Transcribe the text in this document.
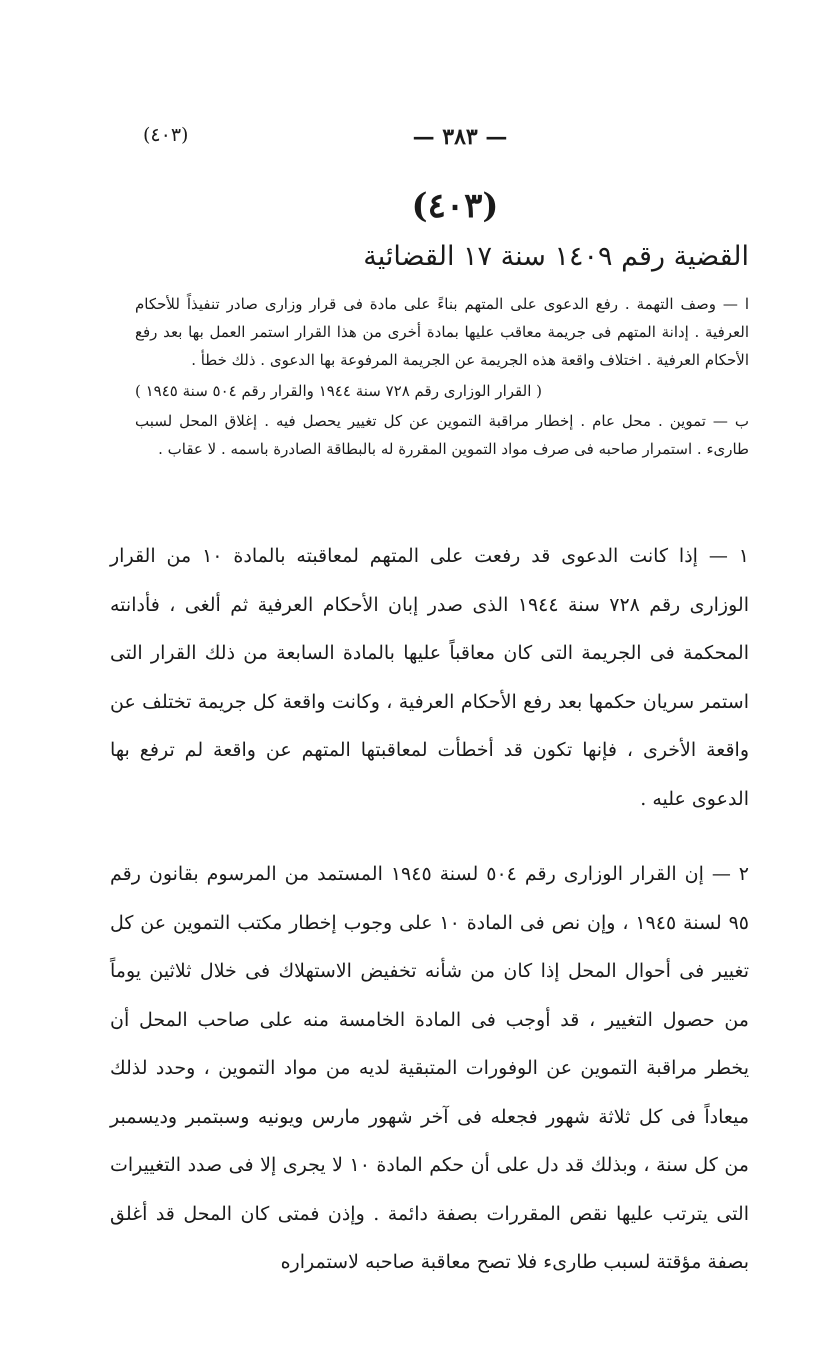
(٤٠٣)	— ٣٨٣ —
(٤٠٣)
القضية رقم ١٤٠٩ سنة ١٧ القضائية

ا — وصف التهمة . رفع الدعوى على المتهم بناءً على مادة فى قرار وزارى صادر تنفيذاً للأحكام العرفية . إدانة المتهم فى جريمة معاقب عليها بمادة أخرى من هذا القرار استمر العمل بها بعد رفع الأحكام العرفية . اختلاف واقعة هذه الجريمة عن الجريمة المرفوعة بها الدعوى . ذلك خطأ .

( القرار الوزارى رقم ٧٢٨ سنة ١٩٤٤ والقرار رقم ٥٠٤ سنة ١٩٤٥ )

ب — تموين . محل عام . إخطار مراقبة التموين عن كل تغيير يحصل فيه . إغلاق المحل لسبب طارىء . استمرار صاحبه فى صرف مواد التموين المقررة له بالبطاقة الصادرة باسمه . لا عقاب .

١ — إذا كانت الدعوى قد رفعت على المتهم لمعاقبته بالمادة ١٠ من القرار الوزارى رقم ٧٢٨ سنة ١٩٤٤ الذى صدر إبان الأحكام العرفية ثم ألغى ، فأدانته المحكمة فى الجريمة التى كان معاقباً عليها بالمادة السابعة من ذلك القرار التى استمر سريان حكمها بعد رفع الأحكام العرفية ، وكانت واقعة كل جريمة تختلف عن واقعة الأخرى ، فإنها تكون قد أخطأت لمعاقبتها المتهم عن واقعة لم ترفع بها الدعوى عليه .

٢ — إن القرار الوزارى رقم ٥٠٤ لسنة ١٩٤٥ المستمد من المرسوم بقانون رقم ٩٥ لسنة ١٩٤٥ ، وإن نص فى المادة ١٠ على وجوب إخطار مكتب التموين عن كل تغيير فى أحوال المحل إذا كان من شأنه تخفيض الاستهلاك فى خلال ثلاثين يوماً من حصول التغيير ، قد أوجب فى المادة الخامسة منه على صاحب المحل أن يخطر مراقبة التموين عن الوفورات المتبقية لديه من مواد التموين ، وحدد لذلك ميعاداً فى كل ثلاثة شهور فجعله فى آخر شهور مارس ويونيه وسبتمبر وديسمبر من كل سنة ، وبذلك قد دل على أن حكم المادة ١٠ لا يجرى إلا فى صدد التغييرات التى يترتب عليها نقص المقررات بصفة دائمة . وإذن فمتى كان المحل قد أغلق بصفة مؤقتة لسبب طارىء فلا تصح معاقبة صاحبه لاستمراره
